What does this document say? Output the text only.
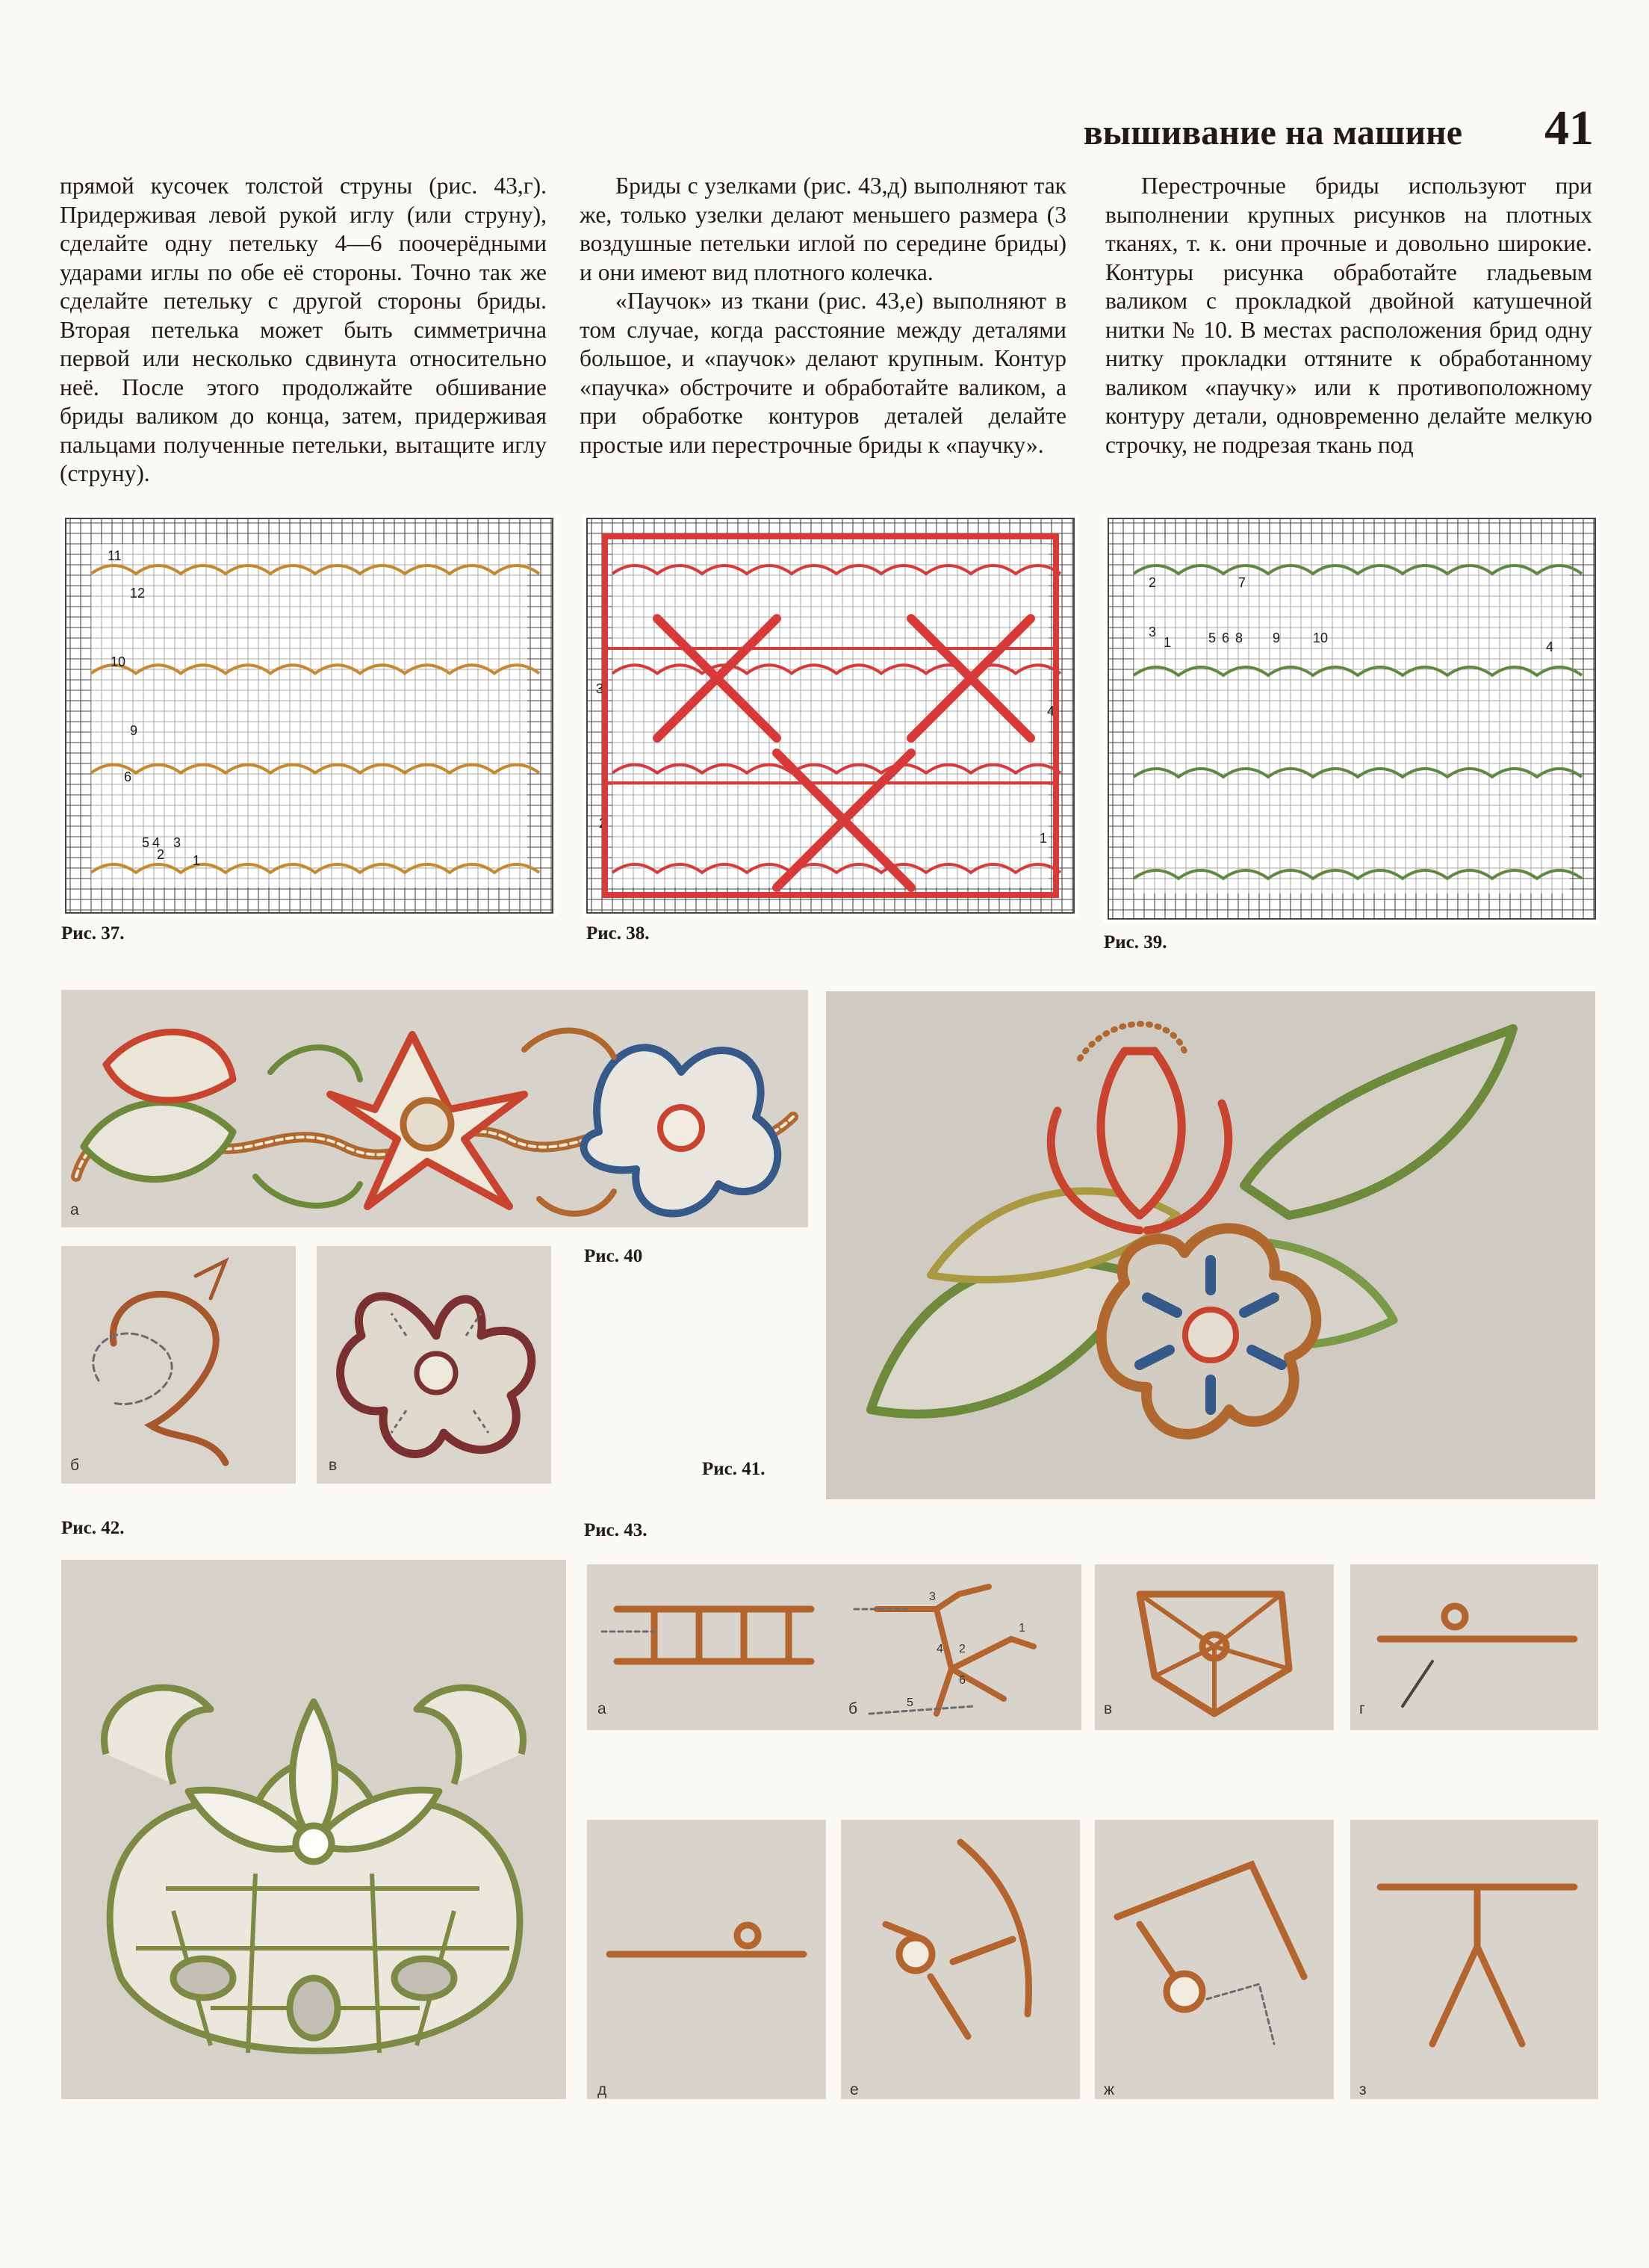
вышивание на машине 41

прямой кусочек толстой струны (рис. 43,г). Придерживая левой рукой иглу (или струну), сделайте одну петельку 4—6 поочерёдными ударами иглы по обе её стороны. Точно так же сделайте петельку с другой стороны бриды. Вторая петелька может быть симметрична первой или несколько сдвинута относительно неё. После этого продолжайте обшивание бриды валиком до конца, затем, придерживая пальцами полученные петельки, вытащите иглу (струну).

Бриды с узелками (рис. 43,д) выполняют так же, только узелки делают меньшего размера (3 воздушные петельки иглой по середине бриды) и они имеют вид плотного колечка.

«Паучок» из ткани (рис. 43,е) выполняют в том случае, когда расстояние между деталями большое, и «паучок» делают крупным. Контур «паучка» обстрочите и обработайте валиком, а при обработке контуров деталей делайте простые или перестрочные бриды к «паучку».

Перестрочные бриды используют при выполнении крупных рисунков на плотных тканях, т. к. они прочные и довольно широкие. Контуры рисунка обработайте гладьевым валиком с прокладкой двойной катушечной нитки № 10. В местах расположения брид одну нитку прокладки оттяните к обработанному валиком «паучку» или к противоположному контуру детали, одновременно делайте мелкую строчку, не подрезая ткань под

11
12
10
9
6
5 4 3
2 1
Рис. 37.
3
2
4
1
Рис. 38.
2	7
3
1	5 6 8 9 10
4
Рис. 39.
а
Рис. 40
Рис. 41.
б	в
Рис. 42.	Рис. 43.
3
4 2
1
6
5
а	б	в	г
д	е	ж	з
